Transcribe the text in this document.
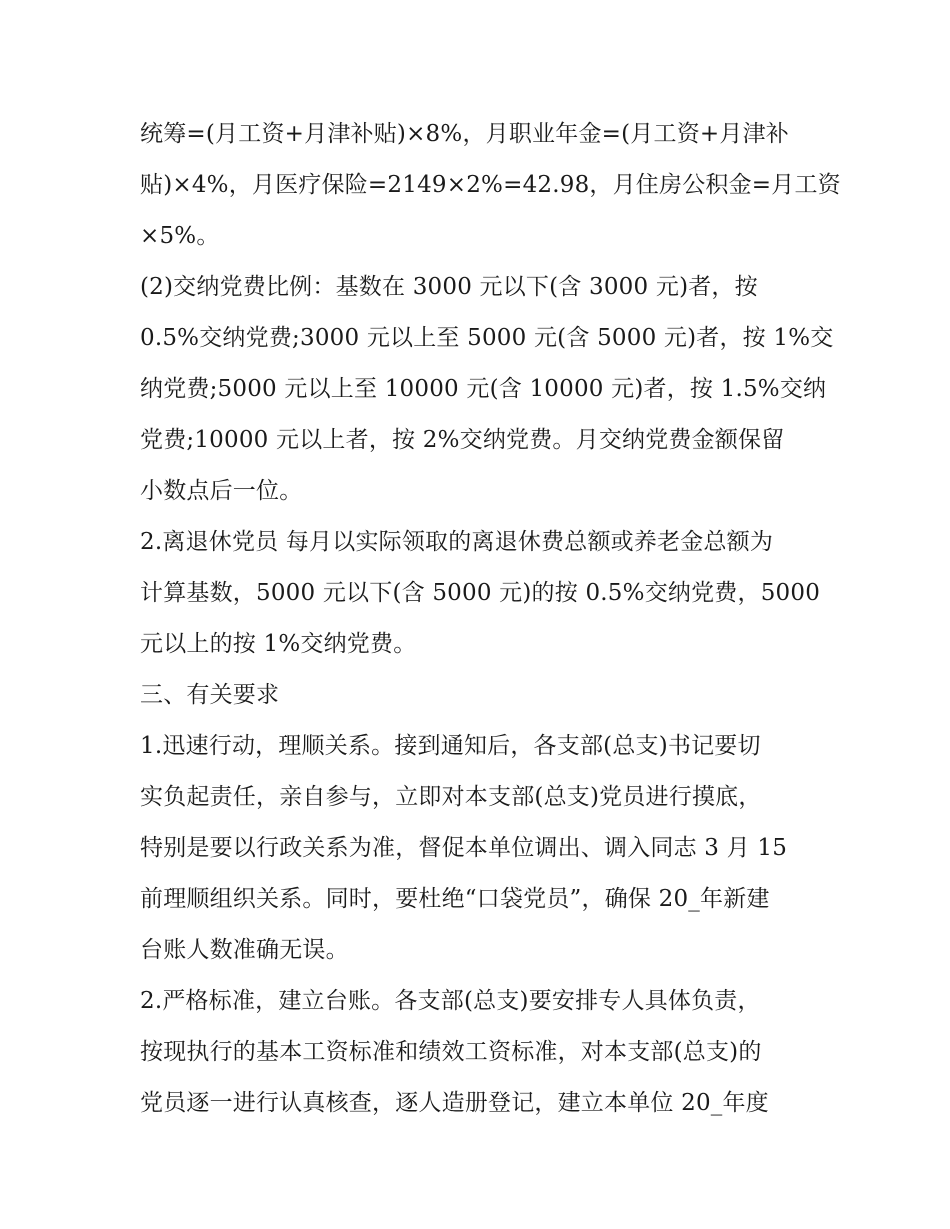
统筹=(月工资+月津补贴)×8%，月职业年金=(月工资+月津补
贴)×4%，月医疗保险=2149×2%=42.98，月住房公积金=月工资
×5%。
(2)交纳党费比例：基数在 3000 元以下(含 3000 元)者，按
0.5%交纳党费;3000 元以上至 5000 元(含 5000 元)者，按 1%交
纳党费;5000 元以上至 10000 元(含 10000 元)者，按 1.5%交纳
党费;10000 元以上者，按 2%交纳党费。月交纳党费金额保留
小数点后一位。
2.离退休党员 每月以实际领取的离退休费总额或养老金总额为
计算基数，5000 元以下(含 5000 元)的按 0.5%交纳党费，5000
元以上的按 1%交纳党费。
三、有关要求
1.迅速行动，理顺关系。接到通知后，各支部(总支)书记要切
实负起责任，亲自参与，立即对本支部(总支)党员进行摸底，
特别是要以行政关系为准，督促本单位调出、调入同志 3 月 15
前理顺组织关系。同时，要杜绝“口袋党员”，确保 20_年新建
台账人数准确无误。
2.严格标准，建立台账。各支部(总支)要安排专人具体负责，
按现执行的基本工资标准和绩效工资标准，对本支部(总支)的
党员逐一进行认真核查，逐人造册登记，建立本单位 20_年度
